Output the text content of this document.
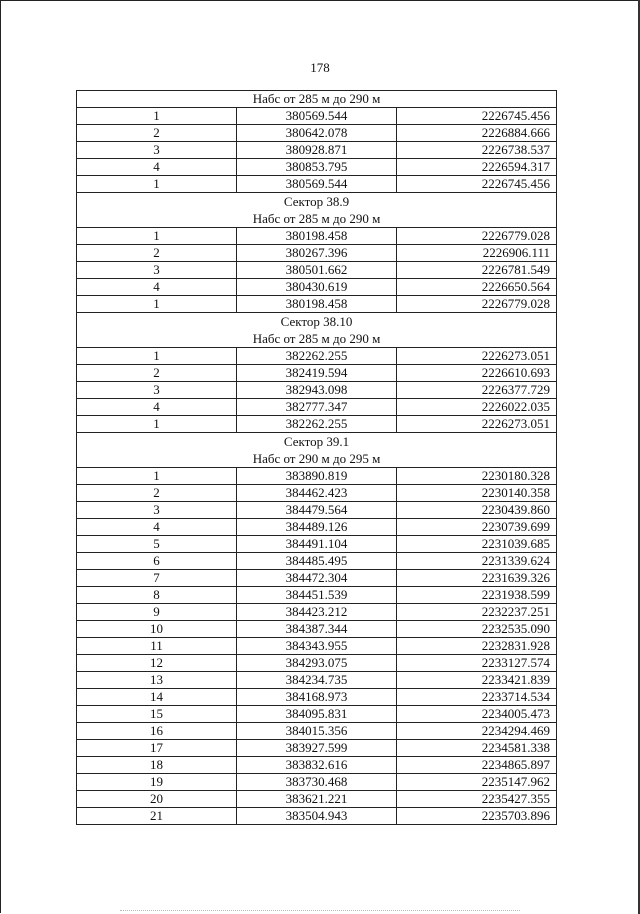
178
Набс от 285 м до 290 м		

1	380569.544	2226745.456
2	380642.078	2226884.666
3	380928.871	2226738.537
4	380853.795	2226594.317
1	380569.544	2226745.456

Сектор 38.9
Набс от 285 м до 290 м		

1	380198.458	2226779.028
2	380267.396	2226906.111
3	380501.662	2226781.549
4	380430.619	2226650.564
1	380198.458	2226779.028

Сектор 38.10
Набс от 285 м до 290 м		

1	382262.255	2226273.051
2	382419.594	2226610.693
3	382943.098	2226377.729
4	382777.347	2226022.035
1	382262.255	2226273.051

Сектор 39.1
Набс от 290 м до 295 м		

1	383890.819	2230180.328
2	384462.423	2230140.358
3	384479.564	2230439.860
4	384489.126	2230739.699
5	384491.104	2231039.685
6	384485.495	2231339.624
7	384472.304	2231639.326
8	384451.539	2231938.599
9	384423.212	2232237.251
10	384387.344	2232535.090
11	384343.955	2232831.928
12	384293.075	2233127.574
13	384234.735	2233421.839
14	384168.973	2233714.534
15	384095.831	2234005.473
16	384015.356	2234294.469
17	383927.599	2234581.338
18	383832.616	2234865.897
19	383730.468	2235147.962
20	383621.221	2235427.355
21	383504.943	2235703.896
